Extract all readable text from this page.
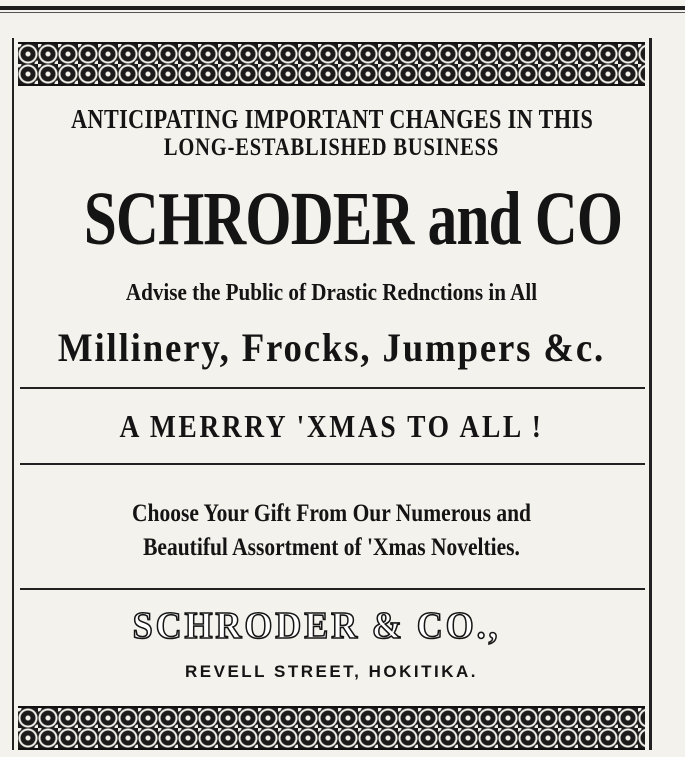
ANTICIPATING IMPORTANT CHANGES IN THIS
LONG-ESTABLISHED BUSINESS
SCHRODER and CO
Advise the Public of Drastic Rednctions in All
Millinery, Frocks, Jumpers &c.
A MERRRY 'XMAS TO ALL !
Choose Your Gift From Our Numerous and
Beautiful Assortment of 'Xmas Novelties.
SCHRODER & CO.,
REVELL STREET, HOKITIKA.
